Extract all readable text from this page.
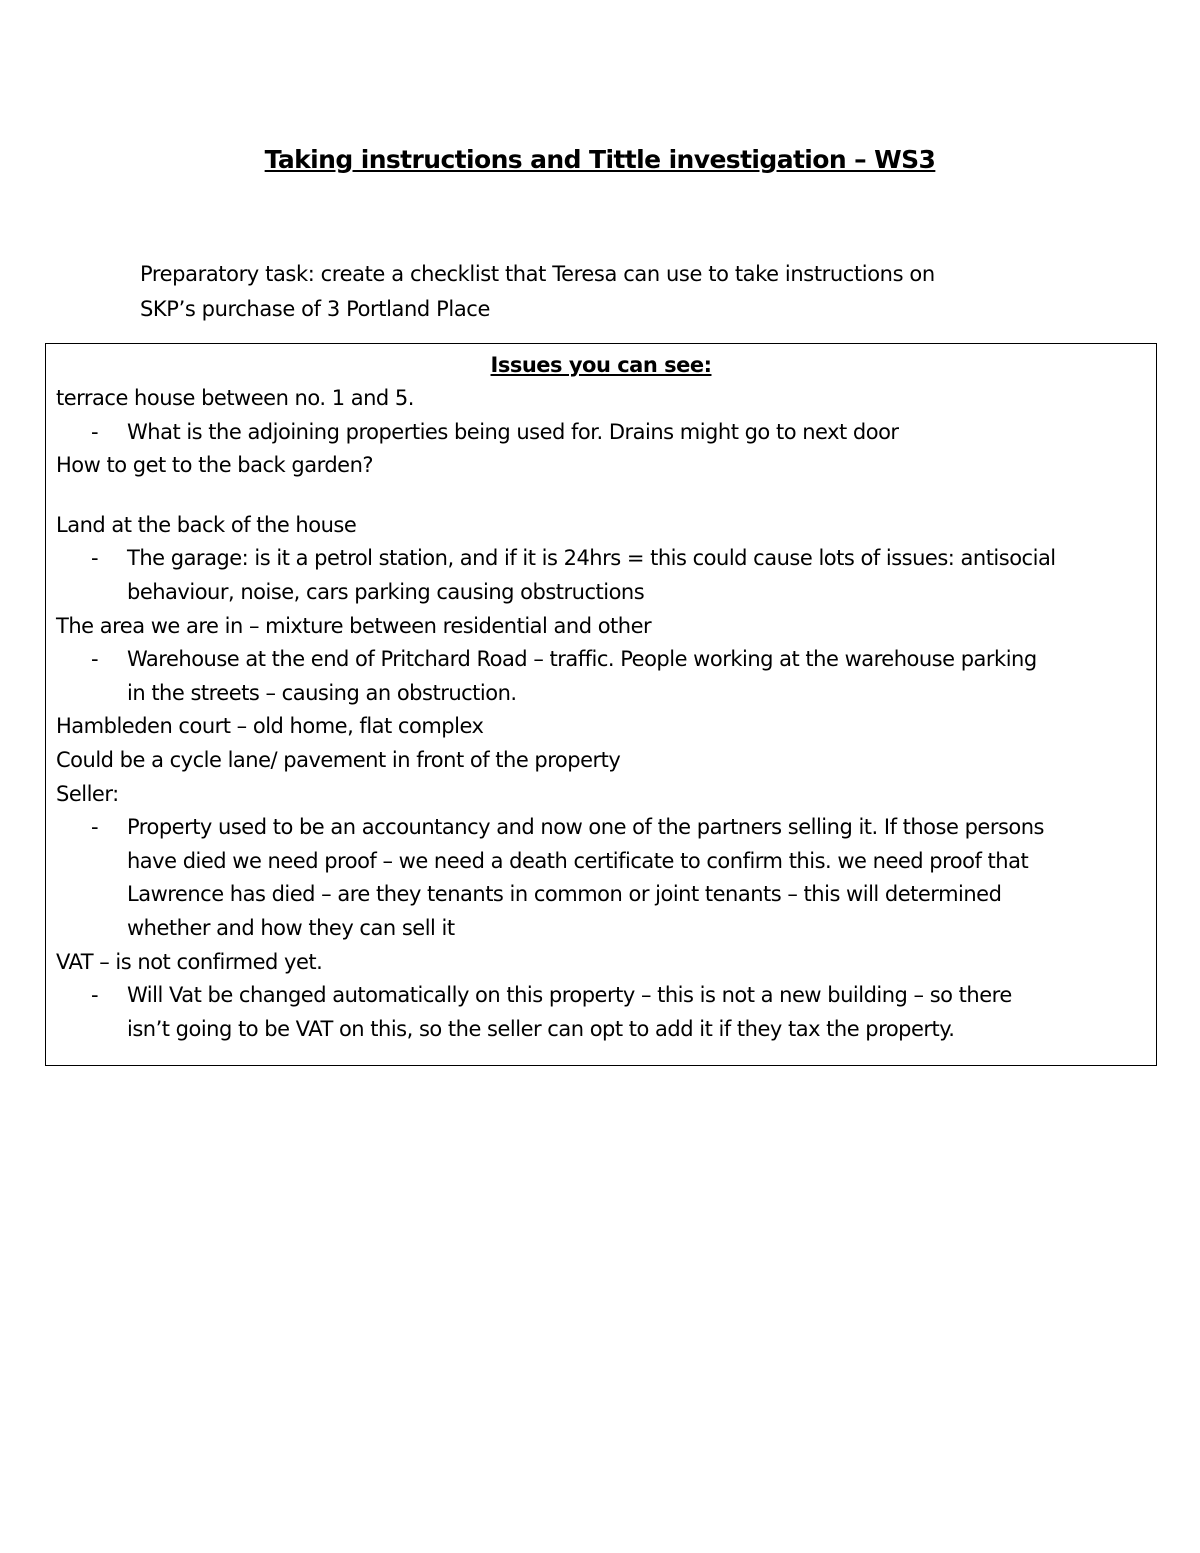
Taking instructions and Tittle investigation – WS3
Preparatory task: create a checklist that Teresa can use to take instructions on
SKP’s purchase of 3 Portland Place
Issues you can see:
terrace house between no. 1 and 5.
- What is the adjoining properties being used for. Drains might go to next door
How to get to the back garden?
Land at the back of the house
- The garage: is it a petrol station, and if it is 24hrs = this could cause lots of issues: antisocial
behaviour, noise, cars parking causing obstructions
The area we are in – mixture between residential and other
- Warehouse at the end of Pritchard Road – traffic. People working at the warehouse parking
in the streets – causing an obstruction.
Hambleden court – old home, flat complex
Could be a cycle lane/ pavement in front of the property
Seller:
- Property used to be an accountancy and now one of the partners selling it. If those persons
have died we need proof – we need a death certificate to confirm this. we need proof that
Lawrence has died – are they tenants in common or joint tenants – this will determined
whether and how they can sell it
VAT – is not confirmed yet.
- Will Vat be changed automatically on this property – this is not a new building – so there
isn’t going to be VAT on this, so the seller can opt to add it if they tax the property.
